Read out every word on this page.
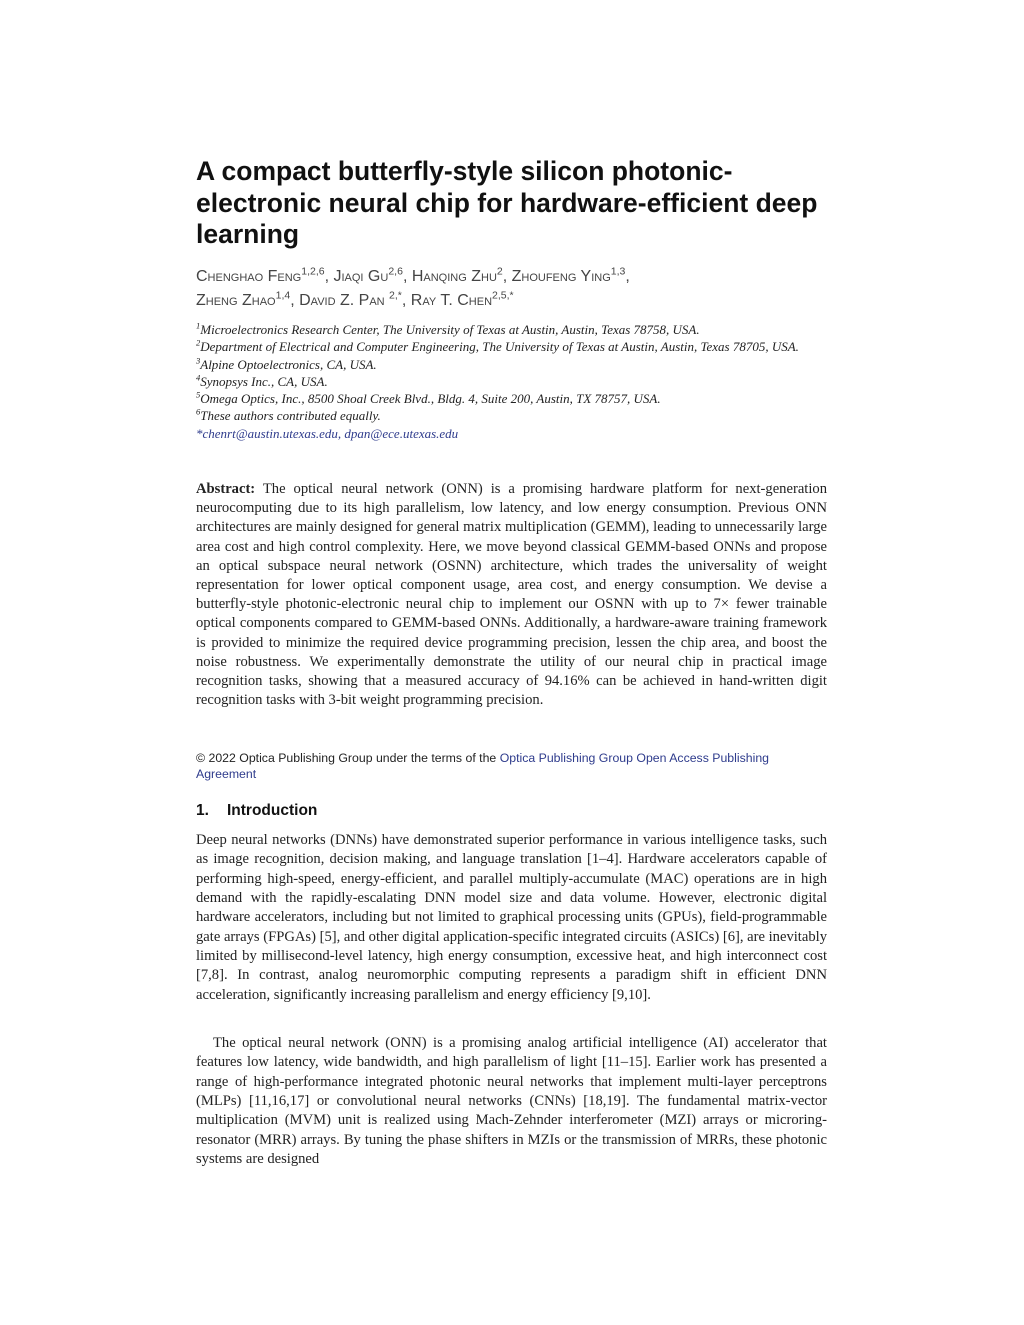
A compact butterfly-style silicon photonic-electronic neural chip for hardware-efficient deep learning
Chenghao Feng$^{1,2,6}$, Jiaqi Gu$^{2,6}$, Hanqing Zhu$^2$, Zhoufeng Ying$^{1,3}$,
Zheng Zhao$^{1,4}$, David Z. Pan $^{2,*}$, Ray T. Chen$^{2,5,*}$
$^1$Microelectronics Research Center, The University of Texas at Austin, Austin, Texas 78758, USA.
$^2$Department of Electrical and Computer Engineering, The University of Texas at Austin, Austin, Texas 78705, USA.
$^3$Alpine Optoelectronics, CA, USA.
$^4$Synopsys Inc., CA, USA.
$^5$Omega Optics, Inc., 8500 Shoal Creek Blvd., Bldg. 4, Suite 200, Austin, TX 78757, USA.
$^6$These authors contributed equally.
*chenrt@austin.utexas.edu, dpan@ece.utexas.edu

Abstract: The optical neural network (ONN) is a promising hardware platform for next-generation neurocomputing due to its high parallelism, low latency, and low energy consumption. Previous ONN architectures are mainly designed for general matrix multiplication (GEMM), leading to unnecessarily large area cost and high control complexity. Here, we move beyond classical GEMM-based ONNs and propose an optical subspace neural network (OSNN) architecture, which trades the universality of weight representation for lower optical component usage, area cost, and energy consumption. We devise a butterfly-style photonic-electronic neural chip to implement our OSNN with up to 7× fewer trainable optical components compared to GEMM-based ONNs. Additionally, a hardware-aware training framework is provided to minimize the required device programming precision, lessen the chip area, and boost the noise robustness. We experimentally demonstrate the utility of our neural chip in practical image recognition tasks, showing that a measured accuracy of 94.16% can be achieved in hand-written digit recognition tasks with 3-bit weight programming precision.

© 2022 Optica Publishing Group under the terms of the Optica Publishing Group Open Access Publishing Agreement

1. Introduction

Deep neural networks (DNNs) have demonstrated superior performance in various intelligence tasks, such as image recognition, decision making, and language translation [1–4]. Hardware accelerators capable of performing high-speed, energy-efficient, and parallel multiply-accumulate (MAC) operations are in high demand with the rapidly-escalating DNN model size and data volume. However, electronic digital hardware accelerators, including but not limited to graphical processing units (GPUs), field-programmable gate arrays (FPGAs) [5], and other digital application-specific integrated circuits (ASICs) [6], are inevitably limited by millisecond-level latency, high energy consumption, excessive heat, and high interconnect cost [7,8]. In contrast, analog neuromorphic computing represents a paradigm shift in efficient DNN acceleration, significantly increasing parallelism and energy efficiency [9,10].

The optical neural network (ONN) is a promising analog artificial intelligence (AI) accelerator that features low latency, wide bandwidth, and high parallelism of light [11–15]. Earlier work has presented a range of high-performance integrated photonic neural networks that implement multi-layer perceptrons (MLPs) [11,16,17] or convolutional neural networks (CNNs) [18,19]. The fundamental matrix-vector multiplication (MVM) unit is realized using Mach-Zehnder interferometer (MZI) arrays or microring-resonator (MRR) arrays. By tuning the phase shifters in MZIs or the transmission of MRRs, these photonic systems are designed
